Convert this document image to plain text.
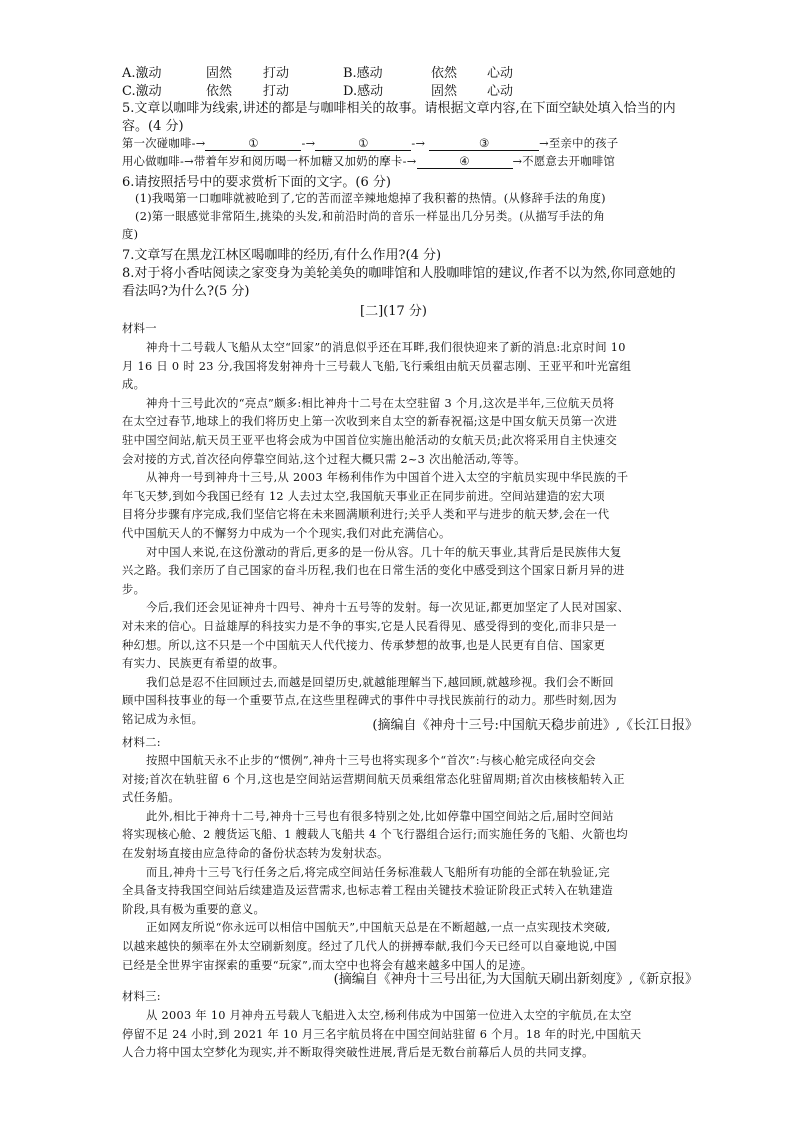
A.激动	固然 打动	B.感动	依然 心动
C.激动	依然 打动	D.感动	固然 心动
5.文章以咖啡为线索,讲述的都是与咖啡相关的故事。请根据文章内容,在下面空缺处填入恰当的内
容。(4 分)
第一次碰咖啡-→	①	-→	①	-→	③	→至亲中的孩子
用心做咖啡-→带着年岁和阅历喝一杯加糖又加奶的摩卡-→	④	→不愿意去开咖啡馆
6.请按照括号中的要求赏析下面的文字。(6 分)
(1)我喝第一口咖啡就被呛到了,它的苦而涩辛辣地熄掉了我积蓄的热情。(从修辞手法的角度)
(2)第一眼感觉非常陌生,挑染的头发,和前沿时尚的音乐一样显出几分另类。(从描写手法的角
度)
7.文章写在黑龙江林区喝咖啡的经历,有什么作用?(4 分)
8.对于将小香咕阅读之家变身为美轮美奂的咖啡馆和人股咖啡馆的建议,作者不以为然,你同意她的
看法吗?为什么?(5 分)
[二](17 分)
材料一
神舟十二号载人飞船从太空“回家”的消息似乎还在耳畔,我们很快迎来了新的消息:北京时间 10
月 16 日 0 时 23 分,我国将发射神舟十三号载人飞船,飞行乘组由航天员翟志刚、王亚平和叶光富组
成。
神舟十三号此次的“亮点”颇多:相比神舟十二号在太空驻留 3 个月,这次是半年,三位航天员将
在太空过春节,地球上的我们将历史上第一次收到来自太空的新春祝福;这是中国女航天员第一次进
驻中国空间站,航天员王亚平也将会成为中国首位实施出舱活动的女航天员;此次将采用自主快速交
会对接的方式,首次径向停靠空间站,这个过程大概只需 2~3 次出舱活动,等等。
从神舟一号到神舟十三号,从 2003 年杨利伟作为中国首个进入太空的宇航员实现中华民族的千
年飞天梦,到如今我国已经有 12 人去过太空,我国航天事业正在同步前进。空间站建造的宏大项
目将分步骤有序完成,我们坚信它将在未来圆满顺利进行;关乎人类和平与进步的航天梦,会在一代
代中国航天人的不懈努力中成为一个个现实,我们对此充满信心。
对中国人来说,在这份激动的背后,更多的是一份从容。几十年的航天事业,其背后是民族伟大复
兴之路。我们亲历了自己国家的奋斗历程,我们也在日常生活的变化中感受到这个国家日新月异的进
步。
今后,我们还会见证神舟十四号、神舟十五号等的发射。每一次见证,都更加坚定了人民对国家、
对未来的信心。日益雄厚的科技实力是不争的事实,它是人民看得见、感受得到的变化,而非只是一
种幻想。所以,这不只是一个中国航天人代代接力、传承梦想的故事,也是人民更有自信、国家更
有实力、民族更有希望的故事。
我们总是忍不住回顾过去,而越是回望历史,就越能理解当下,越回顾,就越珍视。我们会不断回
顾中国科技事业的每一个重要节点,在这些里程碑式的事件中寻找民族前行的动力。那些时刻,因为
铭记成为永恒。	(摘编自《神舟十三号:中国航天稳步前进》,《长江日报》
材料二:
按照中国航天永不止步的“惯例”,神舟十三号也将实现多个“首次”:与核心舱完成径向交会
对接;首次在轨驻留 6 个月,这也是空间站运营期间航天员乘组常态化驻留周期;首次由核核船转入正
式任务船。
此外,相比于神舟十二号,神舟十三号也有很多特别之处,比如停靠中国空间站之后,届时空间站
将实现核心舱、2 艘货运飞船、1 艘载人飞船共 4 个飞行器组合运行;而实施任务的飞船、火箭也均
在发射场直接由应急待命的备份状态转为发射状态。
而且,神舟十三号飞行任务之后,将完成空间站任务标准载人飞船所有功能的全部在轨验证,完
全具备支持我国空间站后续建造及运营需求,也标志着工程由关键技术验证阶段正式转入在轨建造
阶段,具有极为重要的意义。
正如网友所说“你永远可以相信中国航天”,中国航天总是在不断超越,一点一点实现技术突破,
以越来越快的频率在外太空刷新刻度。经过了几代人的拼搏奉献,我们今天已经可以自豪地说,中国
已经是全世界宇宙探索的重要“玩家”,而太空中也将会有越来越多中国人的足迹。
(摘编自《神舟十三号出征,为大国航天刷出新刻度》,《新京报》
材料三:
从 2003 年 10 月神舟五号载人飞船进入太空,杨利伟成为中国第一位进入太空的宇航员,在太空
停留不足 24 小时,到 2021 年 10 月三名宇航员将在中国空间站驻留 6 个月。18 年的时光,中国航天
人合力将中国太空梦化为现实,并不断取得突破性进展,背后是无数台前幕后人员的共同支撑。
